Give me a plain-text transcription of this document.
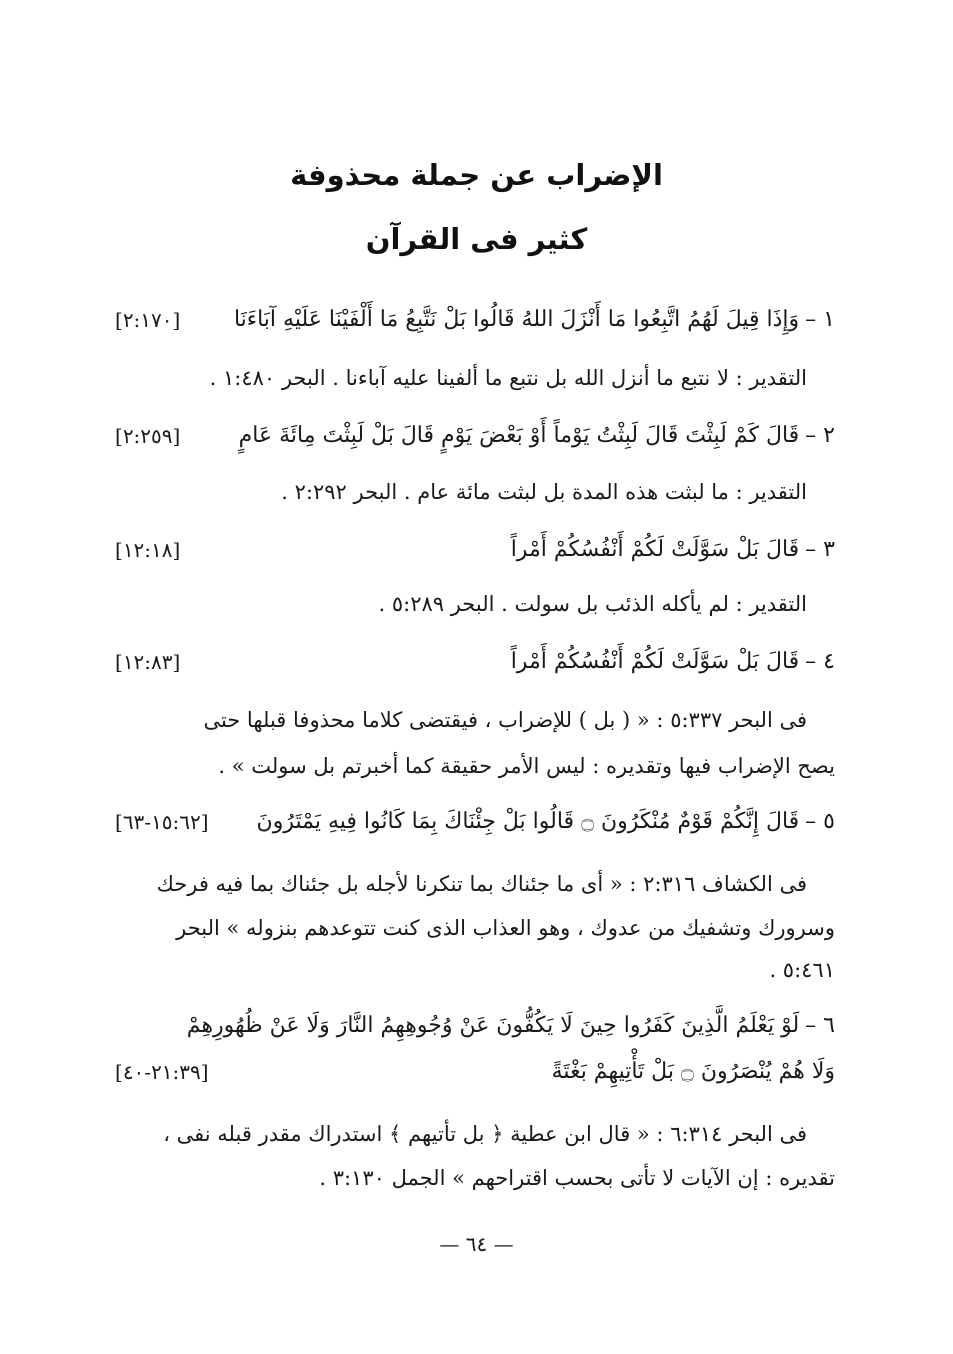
الإضراب عن جملة محذوفة
كثير فى القرآن
١ –وَإِذَا قِيلَ لَهُمُ اتَّبِعُوا مَا أَنْزَلَ اللهُ قَالُوا بَلْ نَتَّبِعُ مَا أَلْفَيْنَا عَلَيْهِ آبَاءَنَا
[٢:١٧٠]
التقدير : لا نتبع ما أنزل الله بل نتبع ما ألفينا عليه آباءنا . البحر ١:٤٨٠ .
٢ –قَالَ كَمْ لَبِثْتَ قَالَ لَبِثْتُ يَوْماً أَوْ بَعْضَ يَوْمٍ قَالَ بَلْ لَبِثْتَ مِائَةَ عَامٍ
[٢:٢٥٩]
التقدير : ما لبثت هذه المدة بل لبثت مائة عام . البحر ٢:٢٩٢ .
٣ –قَالَ بَلْ سَوَّلَتْ لَكُمْ أَنْفُسُكُمْ أَمْراً
[١٢:١٨]
التقدير : لم يأكله الذئب بل سولت . البحر ٥:٢٨٩ .
٤ –قَالَ بَلْ سَوَّلَتْ لَكُمْ أَنْفُسُكُمْ أَمْراً
[١٢:٨٣]
فى البحر ٥:٣٣٧ : « ( بل ) للإضراب ، فيقتضى كلاما محذوفا قبلها حتى
يصح الإضراب فيها وتقديره : ليس الأمر حقيقة كما أخبرتم بل سولت » .
٥ –قَالَ إِنَّكُمْ قَوْمٌ مُنْكَرُونَ ۝ قَالُوا بَلْ جِئْنَاكَ بِمَا كَانُوا فِيهِ يَمْتَرُونَ
[١٥:٦٢-٦٣]
فى الكشاف ٢:٣١٦ : « أى ما جئناك بما تنكرنا لأجله بل جئناك بما فيه فرحك
وسرورك وتشفيك من عدوك ، وهو العذاب الذى كنت تتوعدهم بنزوله » البحر
٥:٤٦١ .
٦ –لَوْ يَعْلَمُ الَّذِينَ كَفَرُوا حِينَ لَا يَكُفُّونَ عَنْ وُجُوهِهِمُ النَّارَ وَلَا عَنْ ظُهُورِهِمْ
وَلَا هُمْ يُنْصَرُونَ ۝ بَلْ تَأْتِيهِمْ بَغْتَةً
[٢١:٣٩-٤٠]
فى البحر ٦:٣١٤ : « قال ابن عطية ﴿ بل تأتيهم ﴾ استدراك مقدر قبله نفى ،
تقديره : إن الآيات لا تأتى بحسب اقتراحهم » الجمل ٣:١٣٠ .
— ٦٤ —
